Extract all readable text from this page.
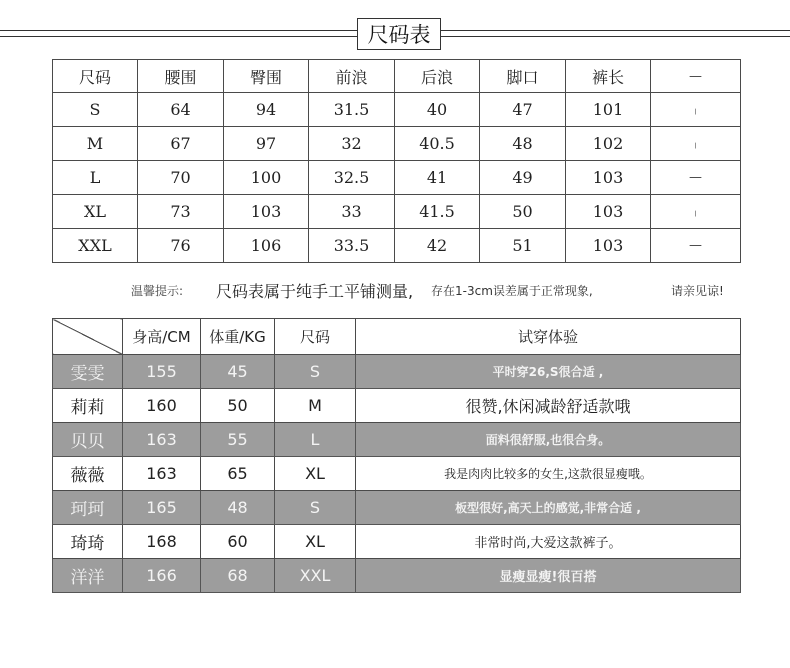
尺码表
尺码	腰围	臀围	前浪	后浪	脚口	裤长	—
S	64	94	31.5	40	47	101	╷
M	67	97	32	40.5	48	102	╷
L	70	100	32.5	41	49	103	—
XL	73	103	33	41.5	50	103	╷
XXL	76	106	33.5	42	51	103	—
温馨提示: 尺码表属于纯手工平铺测量, 存在1-3cm误差属于正常现象,	请亲见谅!
	身高/CM	体重/KG	尺码	试穿体验
雯雯	155	45	S	平时穿26,S很合适 ,
莉莉	160	50	M	很赞,休闲减龄舒适款哦
贝贝	163	55	L	面料很舒服,也很合身。
薇薇	163	65	XL	我是肉肉比较多的女生,这款很显瘦哦。
珂珂	165	48	S	板型很好,高天上的感觉,非常合适 ,
琦琦	168	60	XL	非常时尚,大爱这款裤子。
洋洋	166	68	XXL	显瘦显瘦!很百搭
